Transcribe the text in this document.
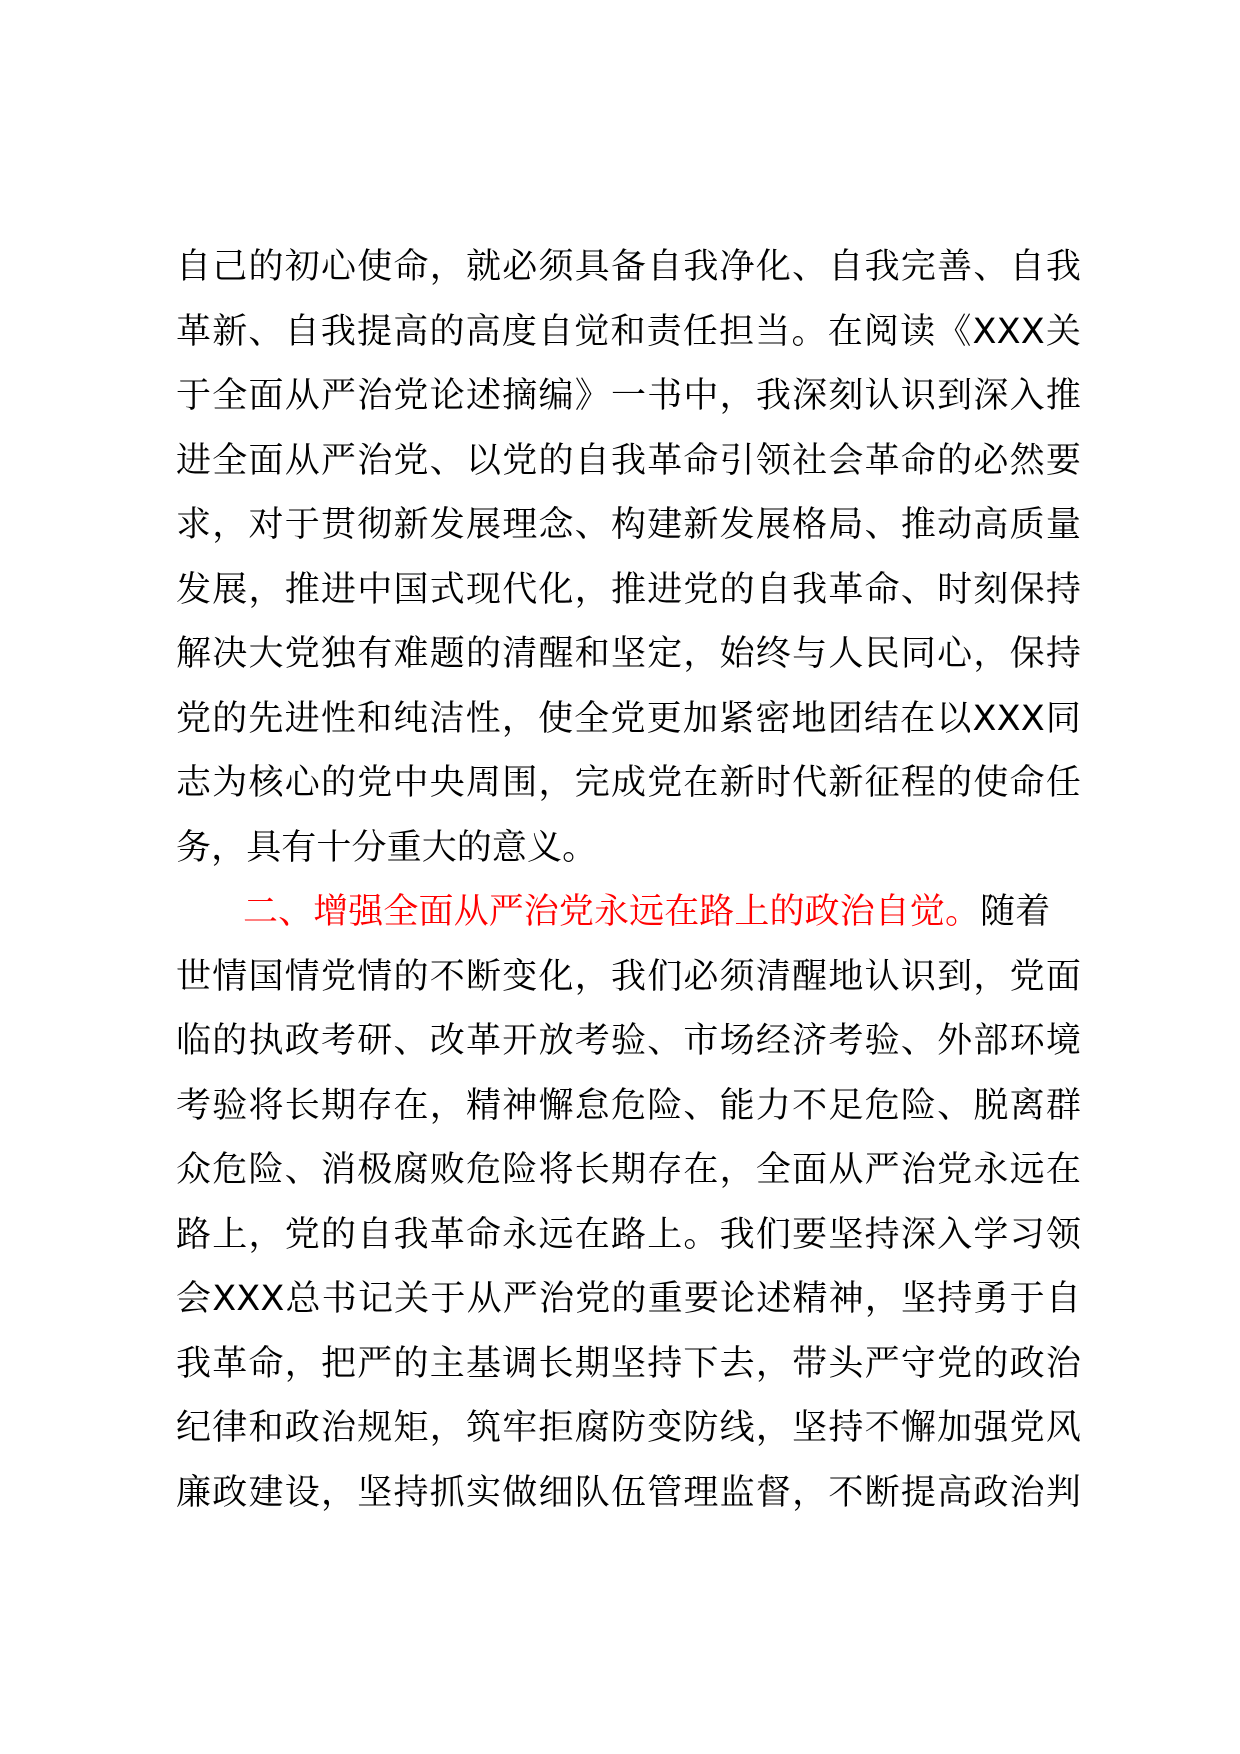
自己的初心使命，就必须具备自我净化、自我完善、自我
革新、自我提高的高度自觉和责任担当。在阅读《XXX关
于全面从严治党论述摘编》一书中，我深刻认识到深入推
进全面从严治党、以党的自我革命引领社会革命的必然要
求，对于贯彻新发展理念、构建新发展格局、推动高质量
发展，推进中国式现代化，推进党的自我革命、时刻保持
解决大党独有难题的清醒和坚定，始终与人民同心，保持
党的先进性和纯洁性，使全党更加紧密地团结在以XXX同
志为核心的党中央周围，完成党在新时代新征程的使命任
务，具有十分重大的意义。
二、增强全面从严治党永远在路上的政治自觉。随着
世情国情党情的不断变化，我们必须清醒地认识到，党面
临的执政考研、改革开放考验、市场经济考验、外部环境
考验将长期存在，精神懈怠危险、能力不足危险、脱离群
众危险、消极腐败危险将长期存在，全面从严治党永远在
路上，党的自我革命永远在路上。我们要坚持深入学习领
会XXX总书记关于从严治党的重要论述精神，坚持勇于自
我革命，把严的主基调长期坚持下去，带头严守党的政治
纪律和政治规矩，筑牢拒腐防变防线，坚持不懈加强党风
廉政建设，坚持抓实做细队伍管理监督，不断提高政治判
